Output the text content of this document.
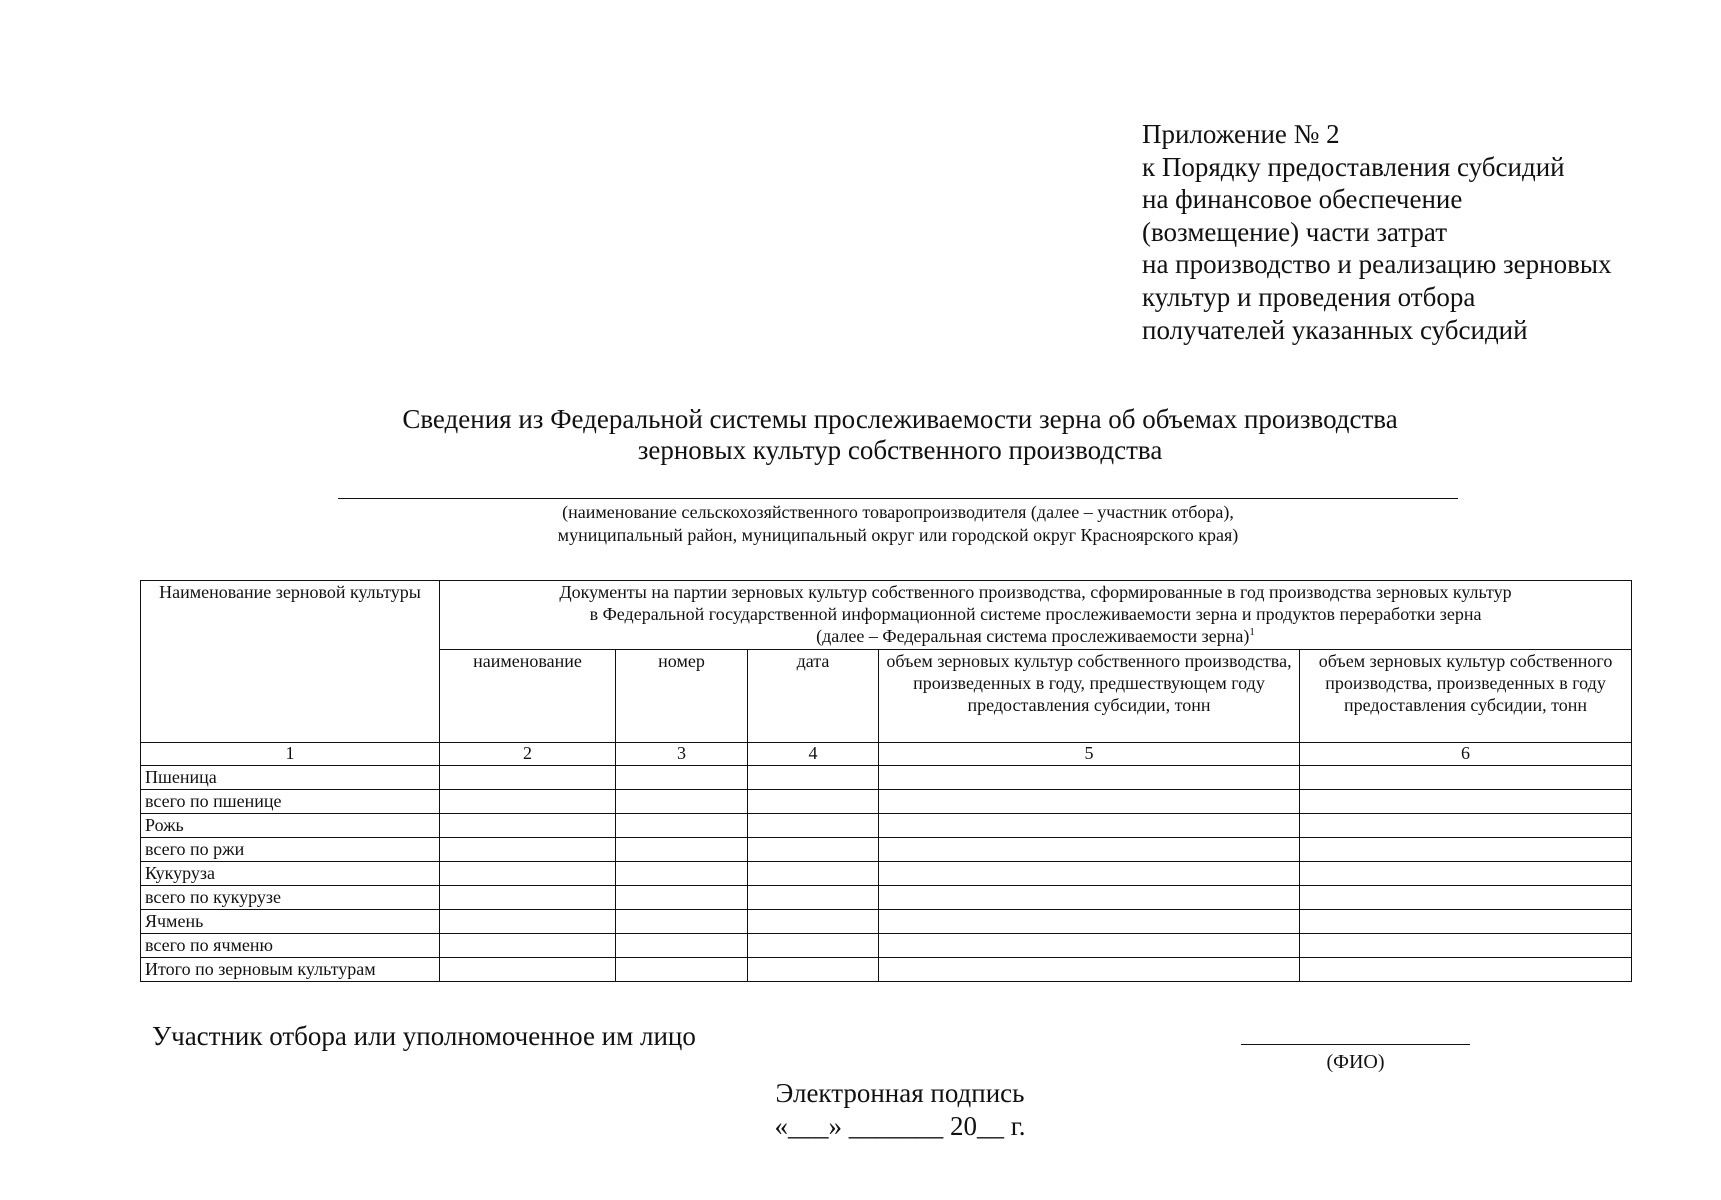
Приложение № 2
к Порядку предоставления субсидий
на финансовое обеспечение
(возмещение) части затрат
на производство и реализацию зерновых
культур и проведения отбора
получателей указанных субсидий
Сведения из Федеральной системы прослеживаемости зерна об объемах производства
зерновых культур собственного производства
(наименование сельскохозяйственного товаропроизводителя (далее – участник отбора),
муниципальный район, муниципальный округ или городской округ Красноярского края)
Наименование зерновой культуры	Документы на партии зерновых культур собственного производства, сформированные в год производства зерновых культур
в Федеральной государственной информационной системе прослеживаемости зерна и продуктов переработки зерна
(далее – Федеральная система прослеживаемости зерна)$^1$

	наименование	номер	дата	объем зерновых культур собственного производства, произведенных в году, предшествующем году предоставления субсидии, тонн	объем зерновых культур собственного производства, произведенных в году предоставления субсидии, тонн
1	2	3	4	5	6
Пшеница					
всего по пшенице					
Рожь					
всего по ржи					
Кукуруза					
всего по кукурузе					
Ячмень					
всего по ячменю					
Итого по зерновым культурам					
Участник отбора или уполномоченное им лицо
(ФИО)
Электронная подпись
«___» _______ 20__ г.
